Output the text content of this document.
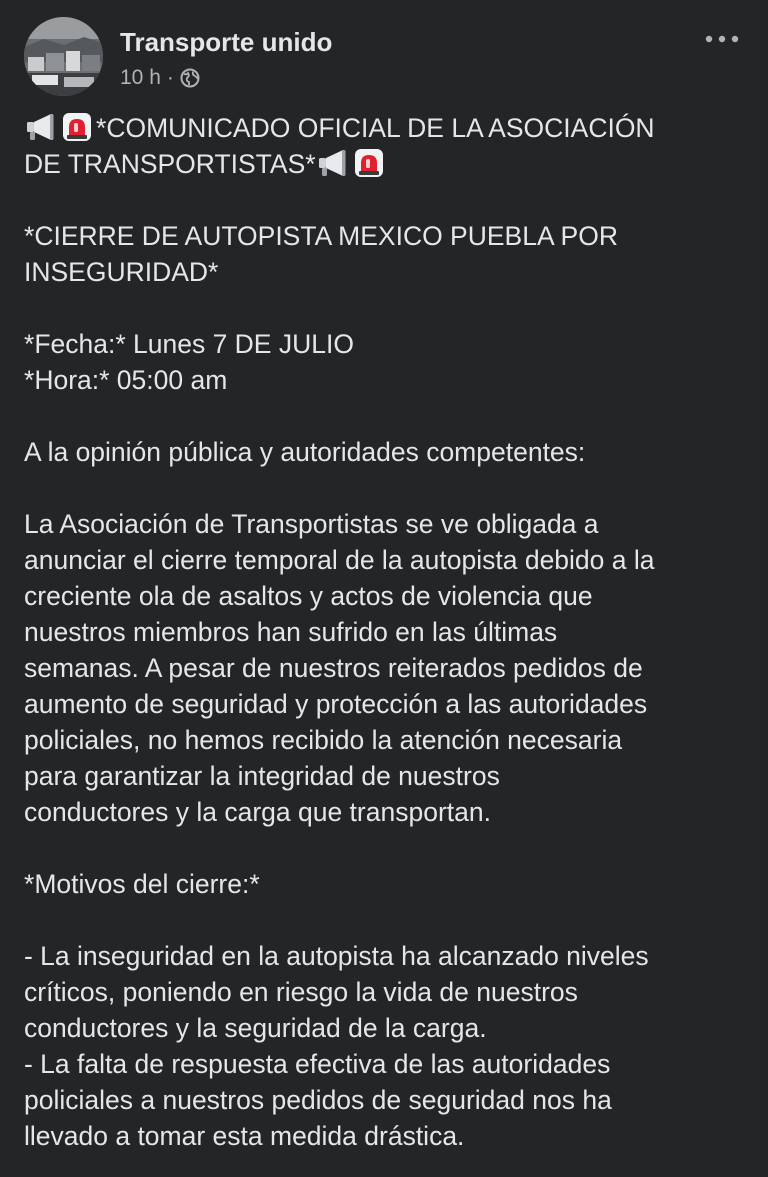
Transporte unido
10 h ·

*COMUNICADO OFICIAL DE LA ASOCIACIÓN

DE TRANSPORTISTAS*

*CIERRE DE AUTOPISTA MEXICO PUEBLA POR

INSEGURIDAD*

*Fecha:* Lunes 7 DE JULIO

*Hora:* 05:00 am

A la opinión pública y autoridades competentes:

La Asociación de Transportistas se ve obligada a

anunciar el cierre temporal de la autopista debido a la

creciente ola de asaltos y actos de violencia que

nuestros miembros han sufrido en las últimas

semanas. A pesar de nuestros reiterados pedidos de

aumento de seguridad y protección a las autoridades

policiales, no hemos recibido la atención necesaria

para garantizar la integridad de nuestros

conductores y la carga que transportan.

*Motivos del cierre:*

- La inseguridad en la autopista ha alcanzado niveles

críticos, poniendo en riesgo la vida de nuestros

conductores y la seguridad de la carga.

- La falta de respuesta efectiva de las autoridades

policiales a nuestros pedidos de seguridad nos ha

llevado a tomar esta medida drástica.
